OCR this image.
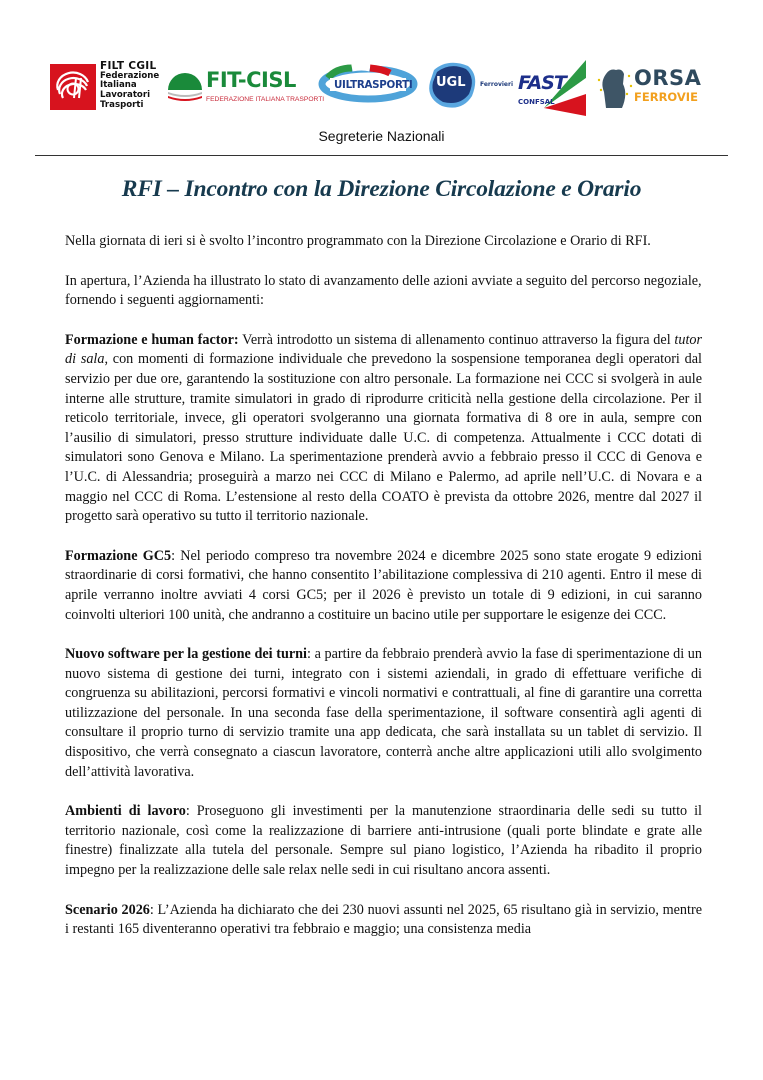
FILT CGIL
Federazione
Italiana
Lavoratori
Trasporti
FIT-CISL
FEDERAZIONE ITALIANA TRASPORTI
UILTRASPORTI UGL Ferrovieri FAST
CONFSAL
ORSA
FERROVIE
Segreterie Nazionali
RFI – Incontro con la Direzione Circolazione e Orario

Nella giornata di ieri si è svolto l’incontro programmato con la Direzione Circolazione e Orario di RFI.

In apertura, l’Azienda ha illustrato lo stato di avanzamento delle azioni avviate a seguito del percorso negoziale, fornendo i seguenti aggiornamenti:

Formazione e human factor: Verrà introdotto un sistema di allenamento continuo attraverso la figura del tutor di sala, con momenti di formazione individuale che prevedono la sospensione temporanea degli operatori dal servizio per due ore, garantendo la sostituzione con altro personale. La formazione nei CCC si svolgerà in aule interne alle strutture, tramite simulatori in grado di riprodurre criticità nella gestione della circolazione. Per il reticolo territoriale, invece, gli operatori svolgeranno una giornata formativa di 8 ore in aula, sempre con l’ausilio di simulatori, presso strutture individuate dalle U.C. di competenza. Attualmente i CCC dotati di simulatori sono Genova e Milano. La sperimentazione prenderà avvio a febbraio presso il CCC di Genova e l’U.C. di Alessandria; proseguirà a marzo nei CCC di Milano e Palermo, ad aprile nell’U.C. di Novara e a maggio nel CCC di Roma. L’estensione al resto della COATO è prevista da ottobre 2026, mentre dal 2027 il progetto sarà operativo su tutto il territorio nazionale.

Formazione GC5: Nel periodo compreso tra novembre 2024 e dicembre 2025 sono state erogate 9 edizioni straordinarie di corsi formativi, che hanno consentito l’abilitazione complessiva di 210 agenti. Entro il mese di aprile verranno inoltre avviati 4 corsi GC5; per il 2026 è previsto un totale di 9 edizioni, in cui saranno coinvolti ulteriori 100 unità, che andranno a costituire un bacino utile per supportare le esigenze dei CCC.

Nuovo software per la gestione dei turni: a partire da febbraio prenderà avvio la fase di sperimentazione di un nuovo sistema di gestione dei turni, integrato con i sistemi aziendali, in grado di effettuare verifiche di congruenza su abilitazioni, percorsi formativi e vincoli normativi e contrattuali, al fine di garantire una corretta utilizzazione del personale. In una seconda fase della sperimentazione, il software consentirà agli agenti di consultare il proprio turno di servizio tramite una app dedicata, che sarà installata su un tablet di servizio. Il dispositivo, che verrà consegnato a ciascun lavoratore, conterrà anche altre applicazioni utili allo svolgimento dell’attività lavorativa.

Ambienti di lavoro: Proseguono gli investimenti per la manutenzione straordinaria delle sedi su tutto il territorio nazionale, così come la realizzazione di barriere anti-intrusione (quali porte blindate e grate alle finestre) finalizzate alla tutela del personale. Sempre sul piano logistico, l’Azienda ha ribadito il proprio impegno per la realizzazione delle sale relax nelle sedi in cui risultano ancora assenti.

Scenario 2026: L’Azienda ha dichiarato che dei 230 nuovi assunti nel 2025, 65 risultano già in servizio, mentre i restanti 165 diventeranno operativi tra febbraio e maggio; una consistenza media
